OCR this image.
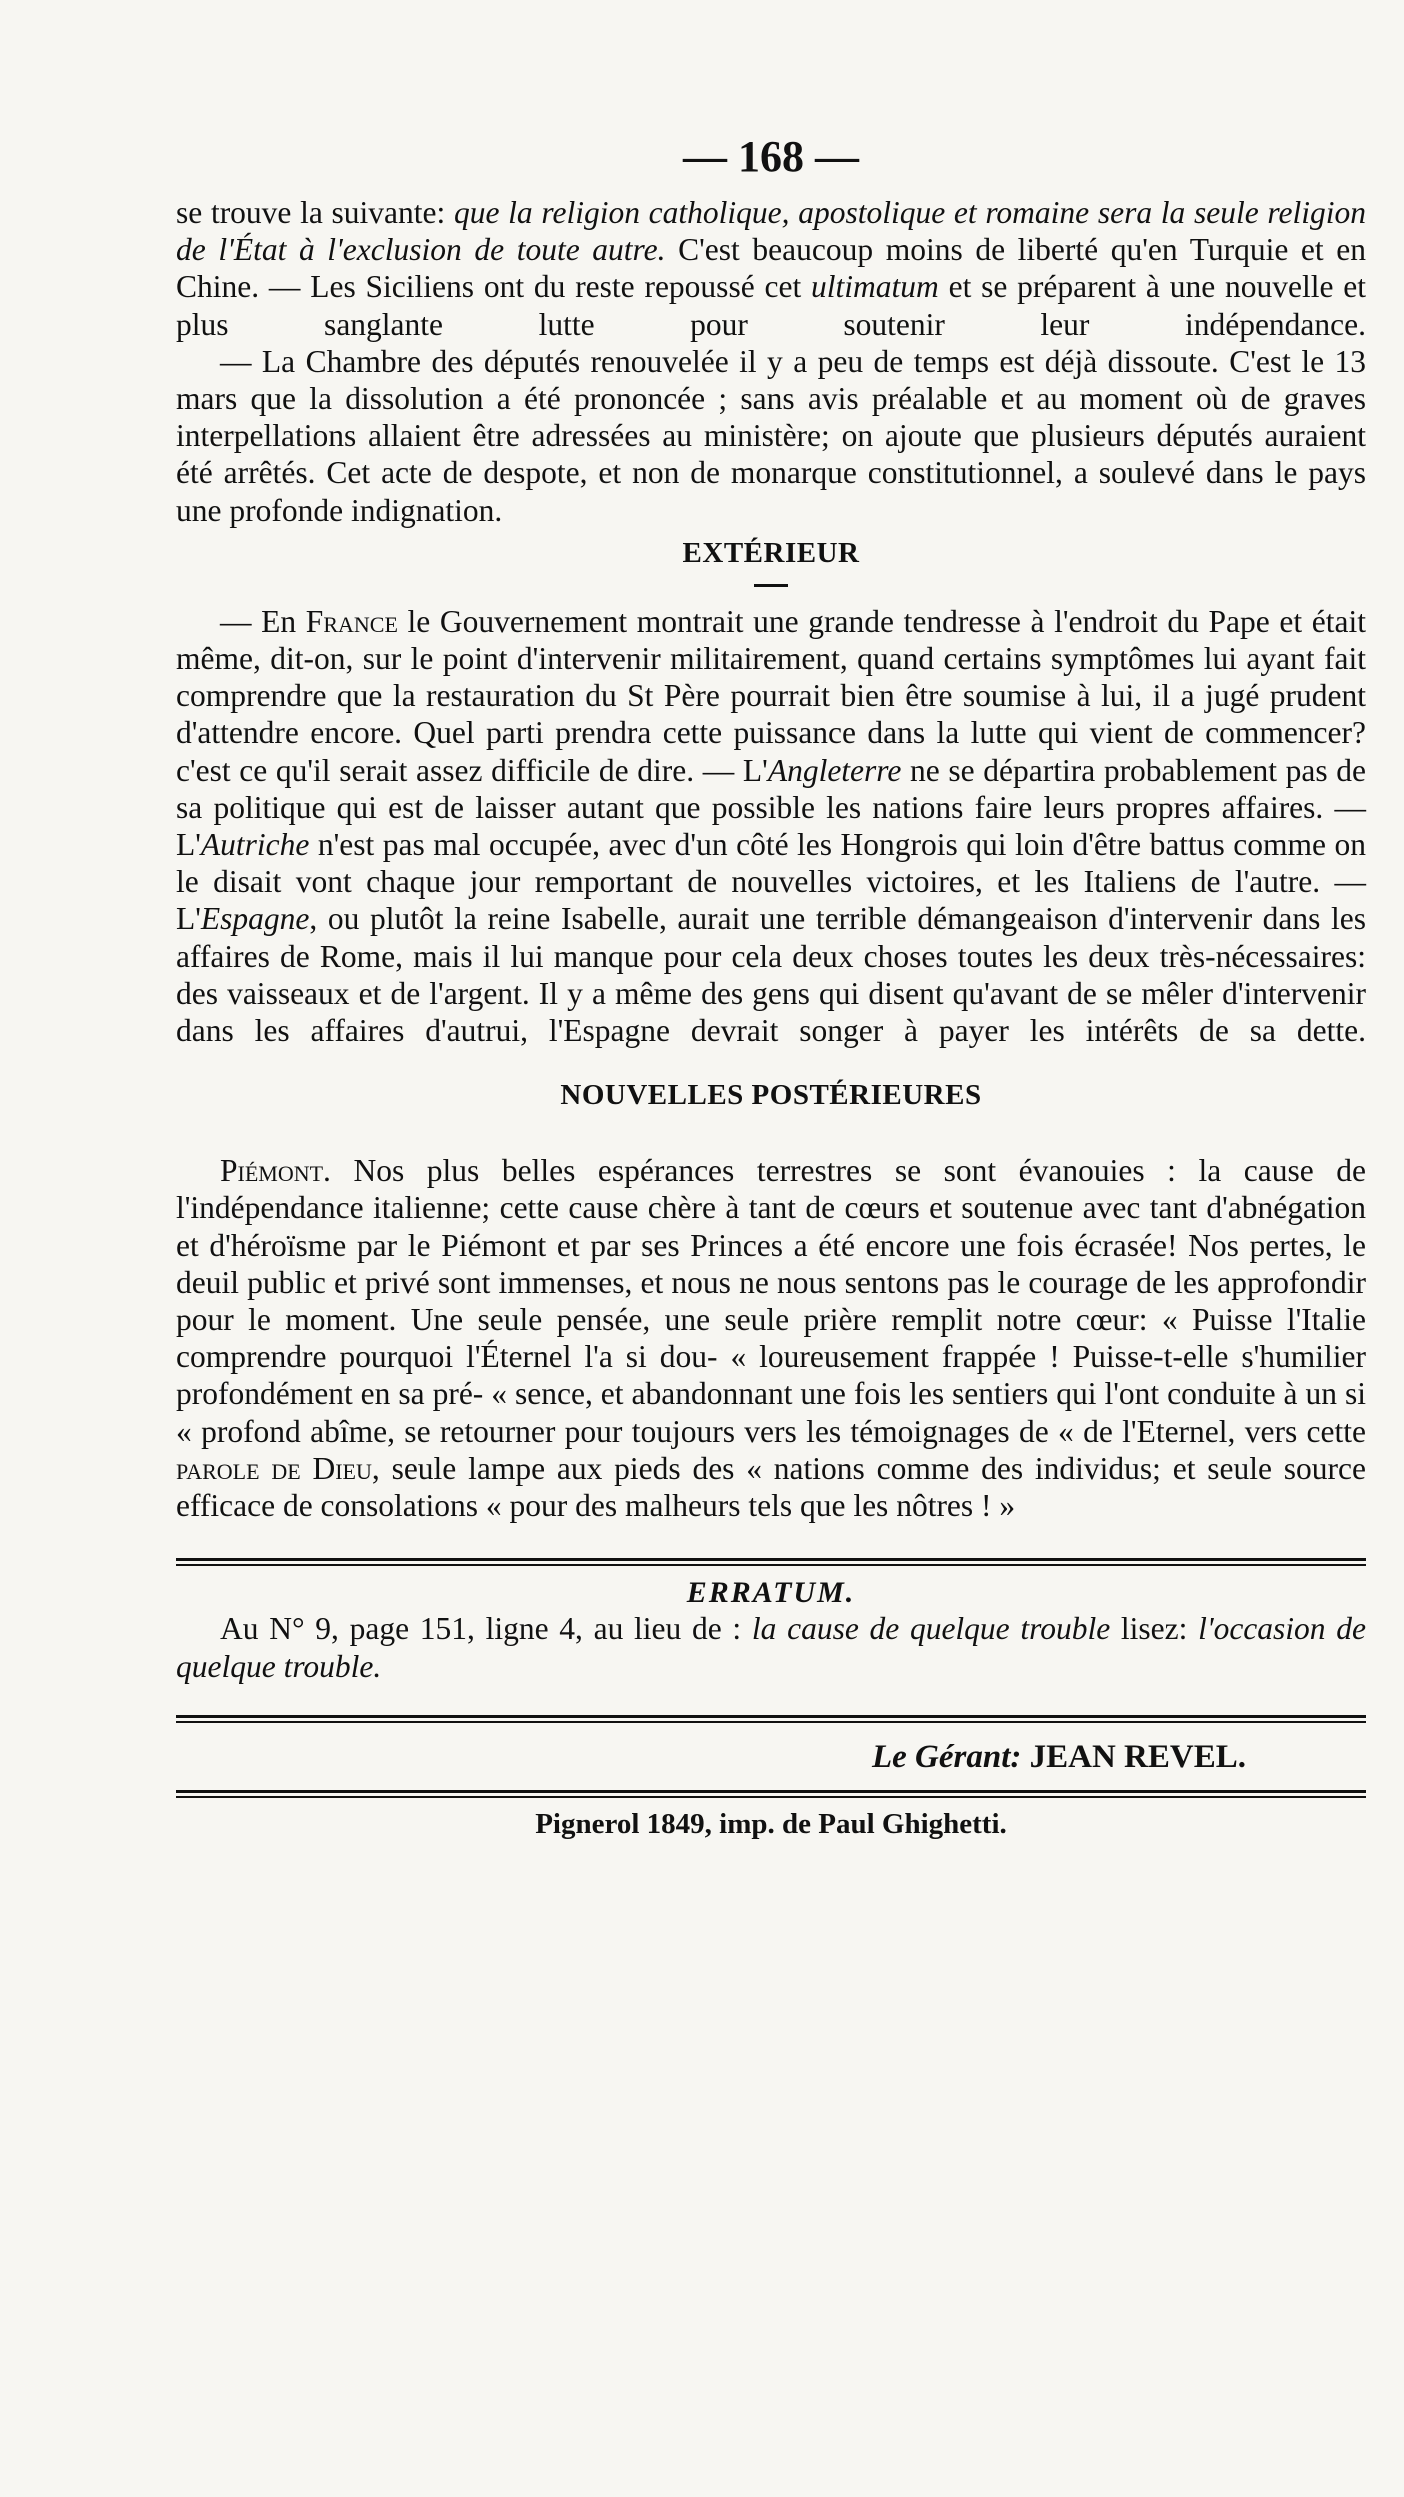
— 168 —
se trouve la suivante: que la religion catholique, apostolique et romaine sera la seule religion de l'État à l'exclusion de toute autre. C'est beaucoup moins de liberté qu'en Turquie et en Chine. — Les Siciliens ont du reste repoussé cet ultimatum et se préparent à une nouvelle et plus sanglante lutte pour soutenir leur indépendance.
— La Chambre des députés renouvelée il y a peu de temps est déjà dissoute. C'est le 13 mars que la dissolution a été prononcée ; sans avis préalable et au moment où de graves interpellations allaient être adressées au ministère; on ajoute que plusieurs députés auraient été arrêtés. Cet acte de despote, et non de monarque constitutionnel, a soulevé dans le pays une profonde indignation.
EXTÉRIEUR
— En France le Gouvernement montrait une grande tendresse à l'endroit du Pape et était même, dit-on, sur le point d'intervenir militairement, quand certains symptômes lui ayant fait comprendre que la restauration du St Père pourrait bien être soumise à lui, il a jugé prudent d'attendre encore. Quel parti prendra cette puissance dans la lutte qui vient de commencer? c'est ce qu'il serait assez difficile de dire. — L'Angleterre ne se départira probablement pas de sa politique qui est de laisser autant que possible les nations faire leurs propres affaires. — L'Autriche n'est pas mal occupée, avec d'un côté les Hongrois qui loin d'être battus comme on le disait vont chaque jour remportant de nouvelles victoires, et les Italiens de l'autre. — L'Espagne, ou plutôt la reine Isabelle, aurait une terrible démangeaison d'intervenir dans les affaires de Rome, mais il lui manque pour cela deux choses toutes les deux très-nécessaires: des vaisseaux et de l'argent. Il y a même des gens qui disent qu'avant de se mêler d'intervenir dans les affaires d'autrui, l'Espagne devrait songer à payer les intérêts de sa dette.
NOUVELLES POSTÉRIEURES
Piémont. Nos plus belles espérances terrestres se sont évanouies : la cause de l'indépendance italienne; cette cause chère à tant de cœurs et soutenue avec tant d'abnégation et d'héroïsme par le Piémont et par ses Princes a été encore une fois écrasée! Nos pertes, le deuil public et privé sont immenses, et nous ne nous sentons pas le courage de les approfondir pour le moment. Une seule pensée, une seule prière remplit notre cœur: « Puisse l'Italie comprendre pourquoi l'Éternel l'a si dou- « loureusement frappée ! Puisse-t-elle s'humilier profondément en sa pré- « sence, et abandonnant une fois les sentiers qui l'ont conduite à un si « profond abîme, se retourner pour toujours vers les témoignages de « de l'Eternel, vers cette parole de Dieu, seule lampe aux pieds des « nations comme des individus; et seule source efficace de consolations « pour des malheurs tels que les nôtres ! »
ERRATUM.
Au N° 9, page 151, ligne 4, au lieu de : la cause de quelque trouble lisez: l'occasion de quelque trouble.
Le Gérant: JEAN REVEL.
Pignerol 1849, imp. de Paul Ghighetti.
